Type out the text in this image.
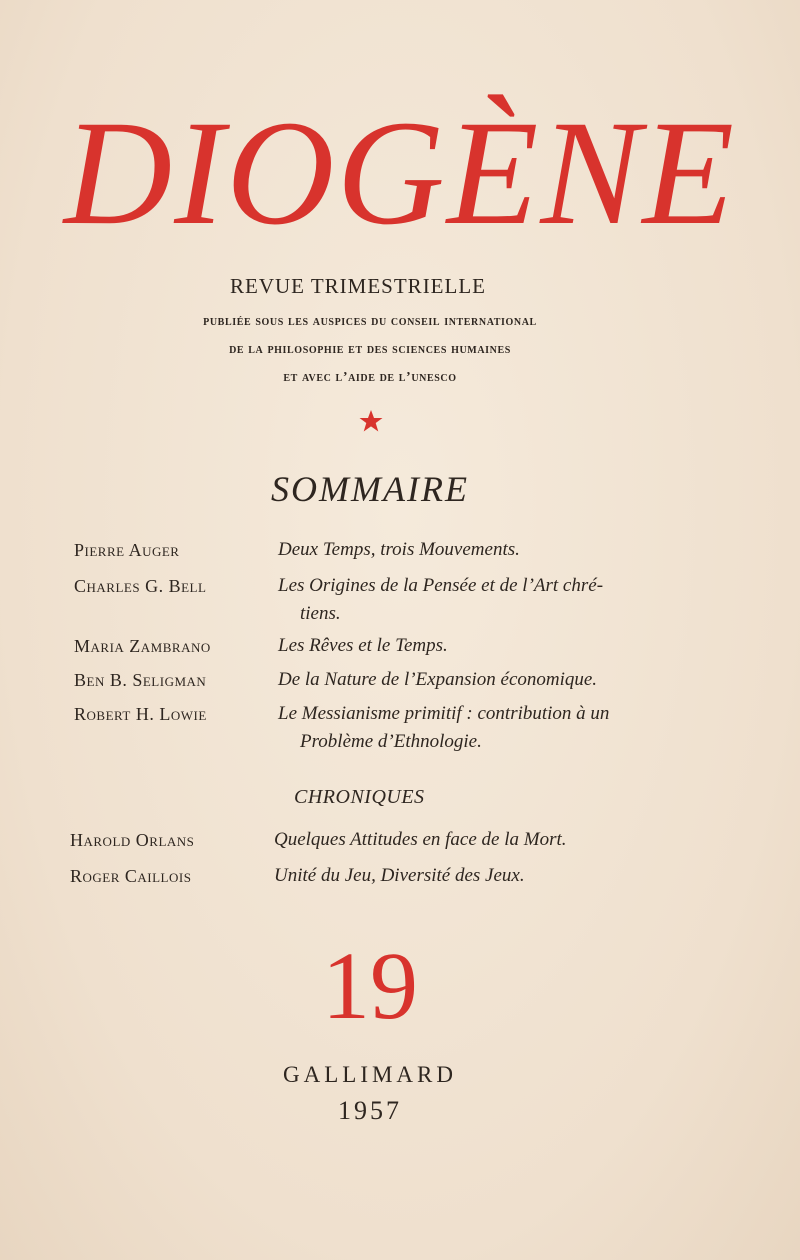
DIOGÈNE
REVUE TRIMESTRIELLE
publiée sous les auspices du conseil international
de la philosophie et des sciences humaines
et avec l’aide de l’unesco
SOMMAIRE
Pierre Auger	Deux Temps, trois Mouvements.
Charles G. Bell	Les Origines de la Pensée et de l’Art chré-
tiens.
Maria Zambrano	Les Rêves et le Temps.
Ben B. Seligman	De la Nature de l’Expansion économique.
Robert H. Lowie	Le Messianisme primitif : contribution à un
Problème d’Ethnologie.
CHRONIQUES
Harold Orlans	Quelques Attitudes en face de la Mort.
Roger Caillois	Unité du Jeu, Diversité des Jeux.
19
GALLIMARD
1957
